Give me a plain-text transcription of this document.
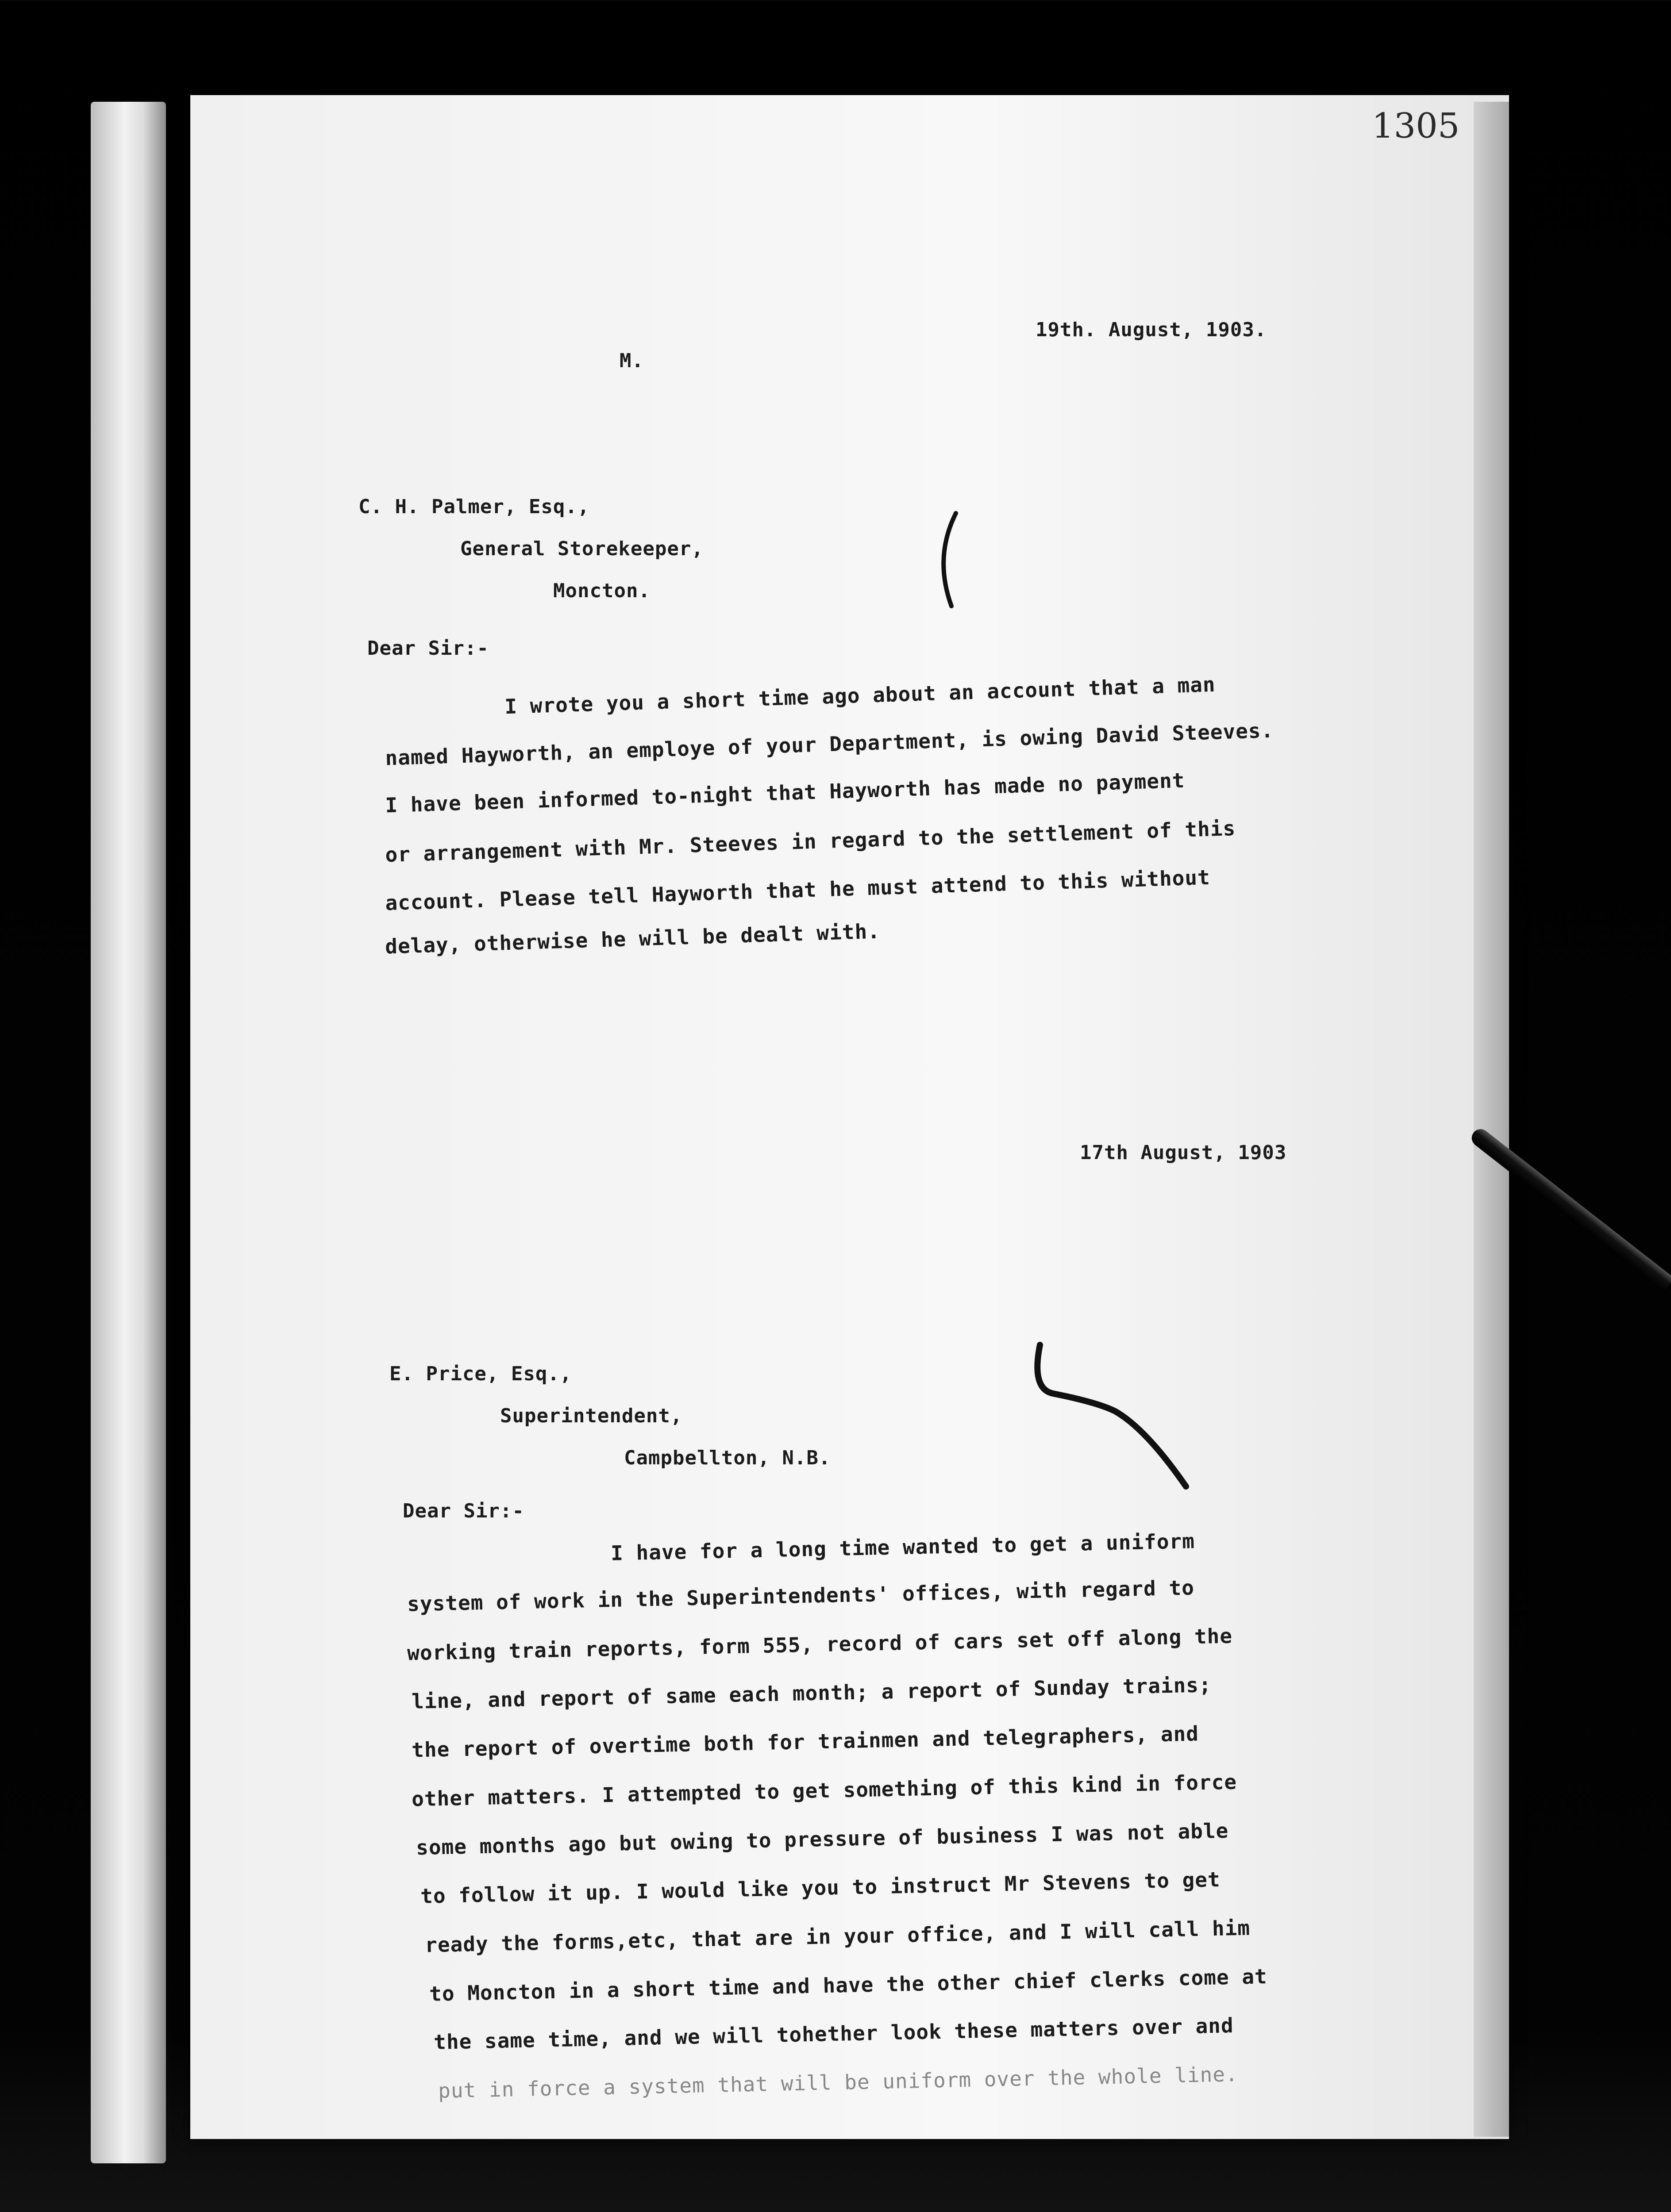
1305
M.
19th. August, 1903.
C. H. Palmer, Esq.,
General Storekeeper,
Moncton.
Dear Sir:-
I wrote you a short time ago about an account that a man
named Hayworth, an employe of your Department, is owing David Steeves.
I have been informed to-night that Hayworth has made no payment
or arrangement with Mr. Steeves in regard to the settlement of this
account. Please tell Hayworth that he must attend to this without
delay, otherwise he will be dealt with.
17th August, 1903
E. Price, Esq.,
Superintendent,
Campbellton, N.B.
Dear Sir:-
I have for a long time wanted to get a uniform
system of work in the Superintendents' offices, with regard to
working train reports, form 555, record of cars set off along the
line, and report of same each month; a report of Sunday trains;
the report of overtime both for trainmen and telegraphers, and
other matters. I attempted to get something of this kind in force
some months ago but owing to pressure of business I was not able
to follow it up. I would like you to instruct Mr Stevens to get
ready the forms,etc, that are in your office, and I will call him
to Moncton in a short time and have the other chief clerks come at
the same time, and we will tohether look these matters over and
put in force a system that will be uniform over the whole line.
